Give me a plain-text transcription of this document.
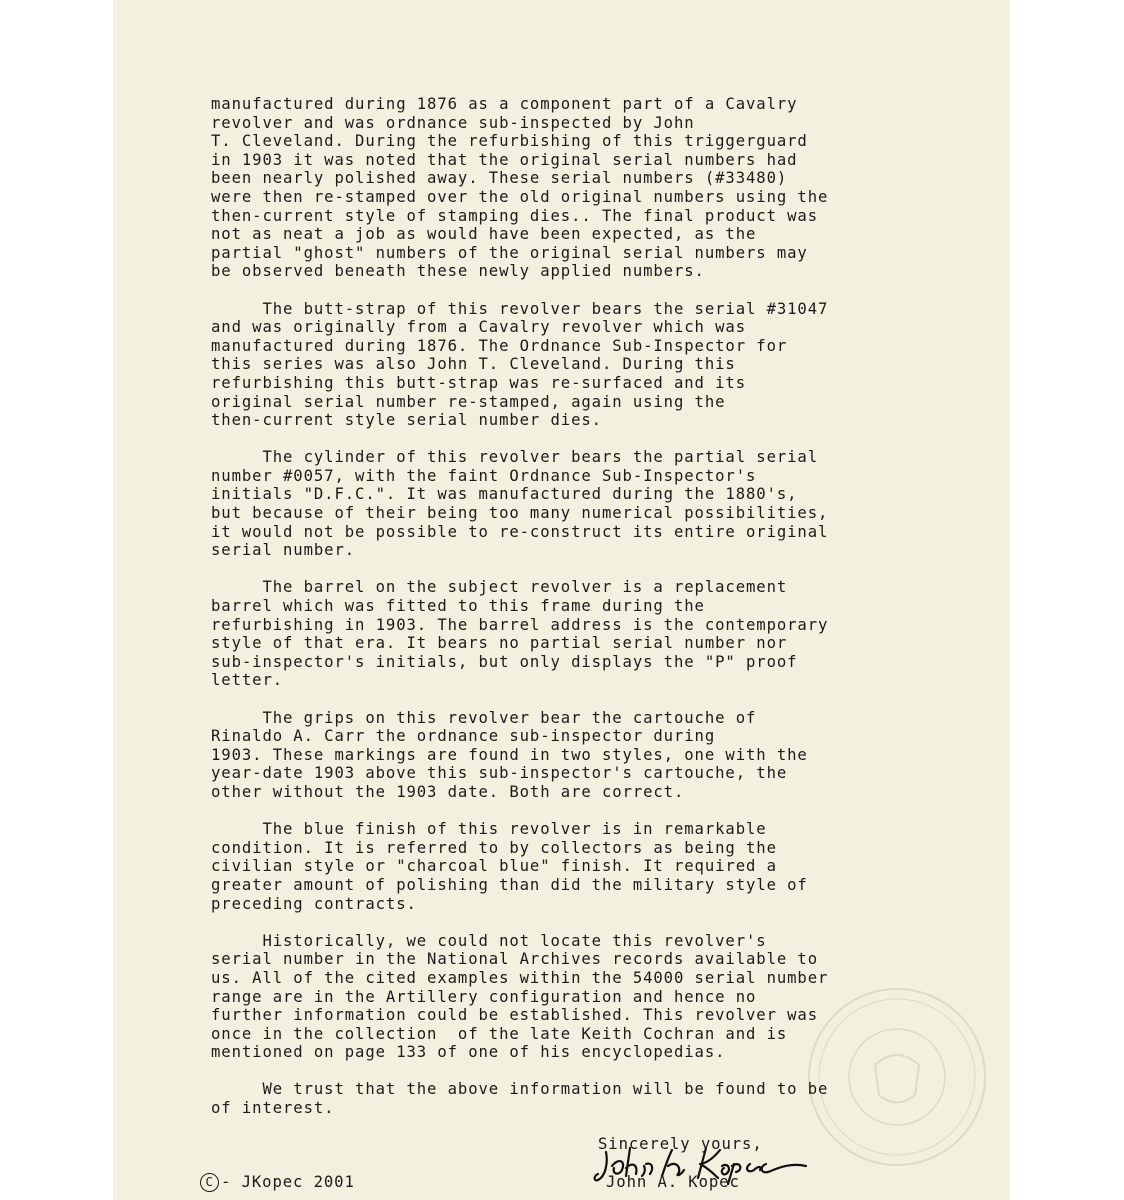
manufactured during 1876 as a component part of a Cavalry
revolver and was ordnance sub-inspected by John
T. Cleveland. During the refurbishing of this triggerguard
in 1903 it was noted that the original serial numbers had
been nearly polished away. These serial numbers (#33480)
were then re-stamped over the old original numbers using the
then-current style of stamping dies.. The final product was
not as neat a job as would have been expected, as the
partial "ghost" numbers of the original serial numbers may
be observed beneath these newly applied numbers.
The butt-strap of this revolver bears the serial #31047
and was originally from a Cavalry revolver which was
manufactured during 1876. The Ordnance Sub-Inspector for
this series was also John T. Cleveland. During this
refurbishing this butt-strap was re-surfaced and its
original serial number re-stamped, again using the
then-current style serial number dies.
The cylinder of this revolver bears the partial serial
number #0057, with the faint Ordnance Sub-Inspector's
initials "D.F.C.". It was manufactured during the 1880's,
but because of their being too many numerical possibilities,
it would not be possible to re-construct its entire original
serial number.
The barrel on the subject revolver is a replacement
barrel which was fitted to this frame during the
refurbishing in 1903. The barrel address is the contemporary
style of that era. It bears no partial serial number nor
sub-inspector's initials, but only displays the "P" proof
letter.
The grips on this revolver bear the cartouche of
Rinaldo A. Carr the ordnance sub-inspector during
1903. These markings are found in two styles, one with the
year-date 1903 above this sub-inspector's cartouche, the
other without the 1903 date. Both are correct.
The blue finish of this revolver is in remarkable
condition. It is referred to by collectors as being the
civilian style or "charcoal blue" finish. It required a
greater amount of polishing than did the military style of
preceding contracts.
Historically, we could not locate this revolver's
serial number in the National Archives records available to
us. All of the cited examples within the 54000 serial number
range are in the Artillery configuration and hence no
further information could be established. This revolver was
once in the collection  of the late Keith Cochran and is
mentioned on page 133 of one of his encyclopedias.
We trust that the above information will be found to be
of interest.
Sincerely yours,
John A. Kopec
C - JKopec 2001
